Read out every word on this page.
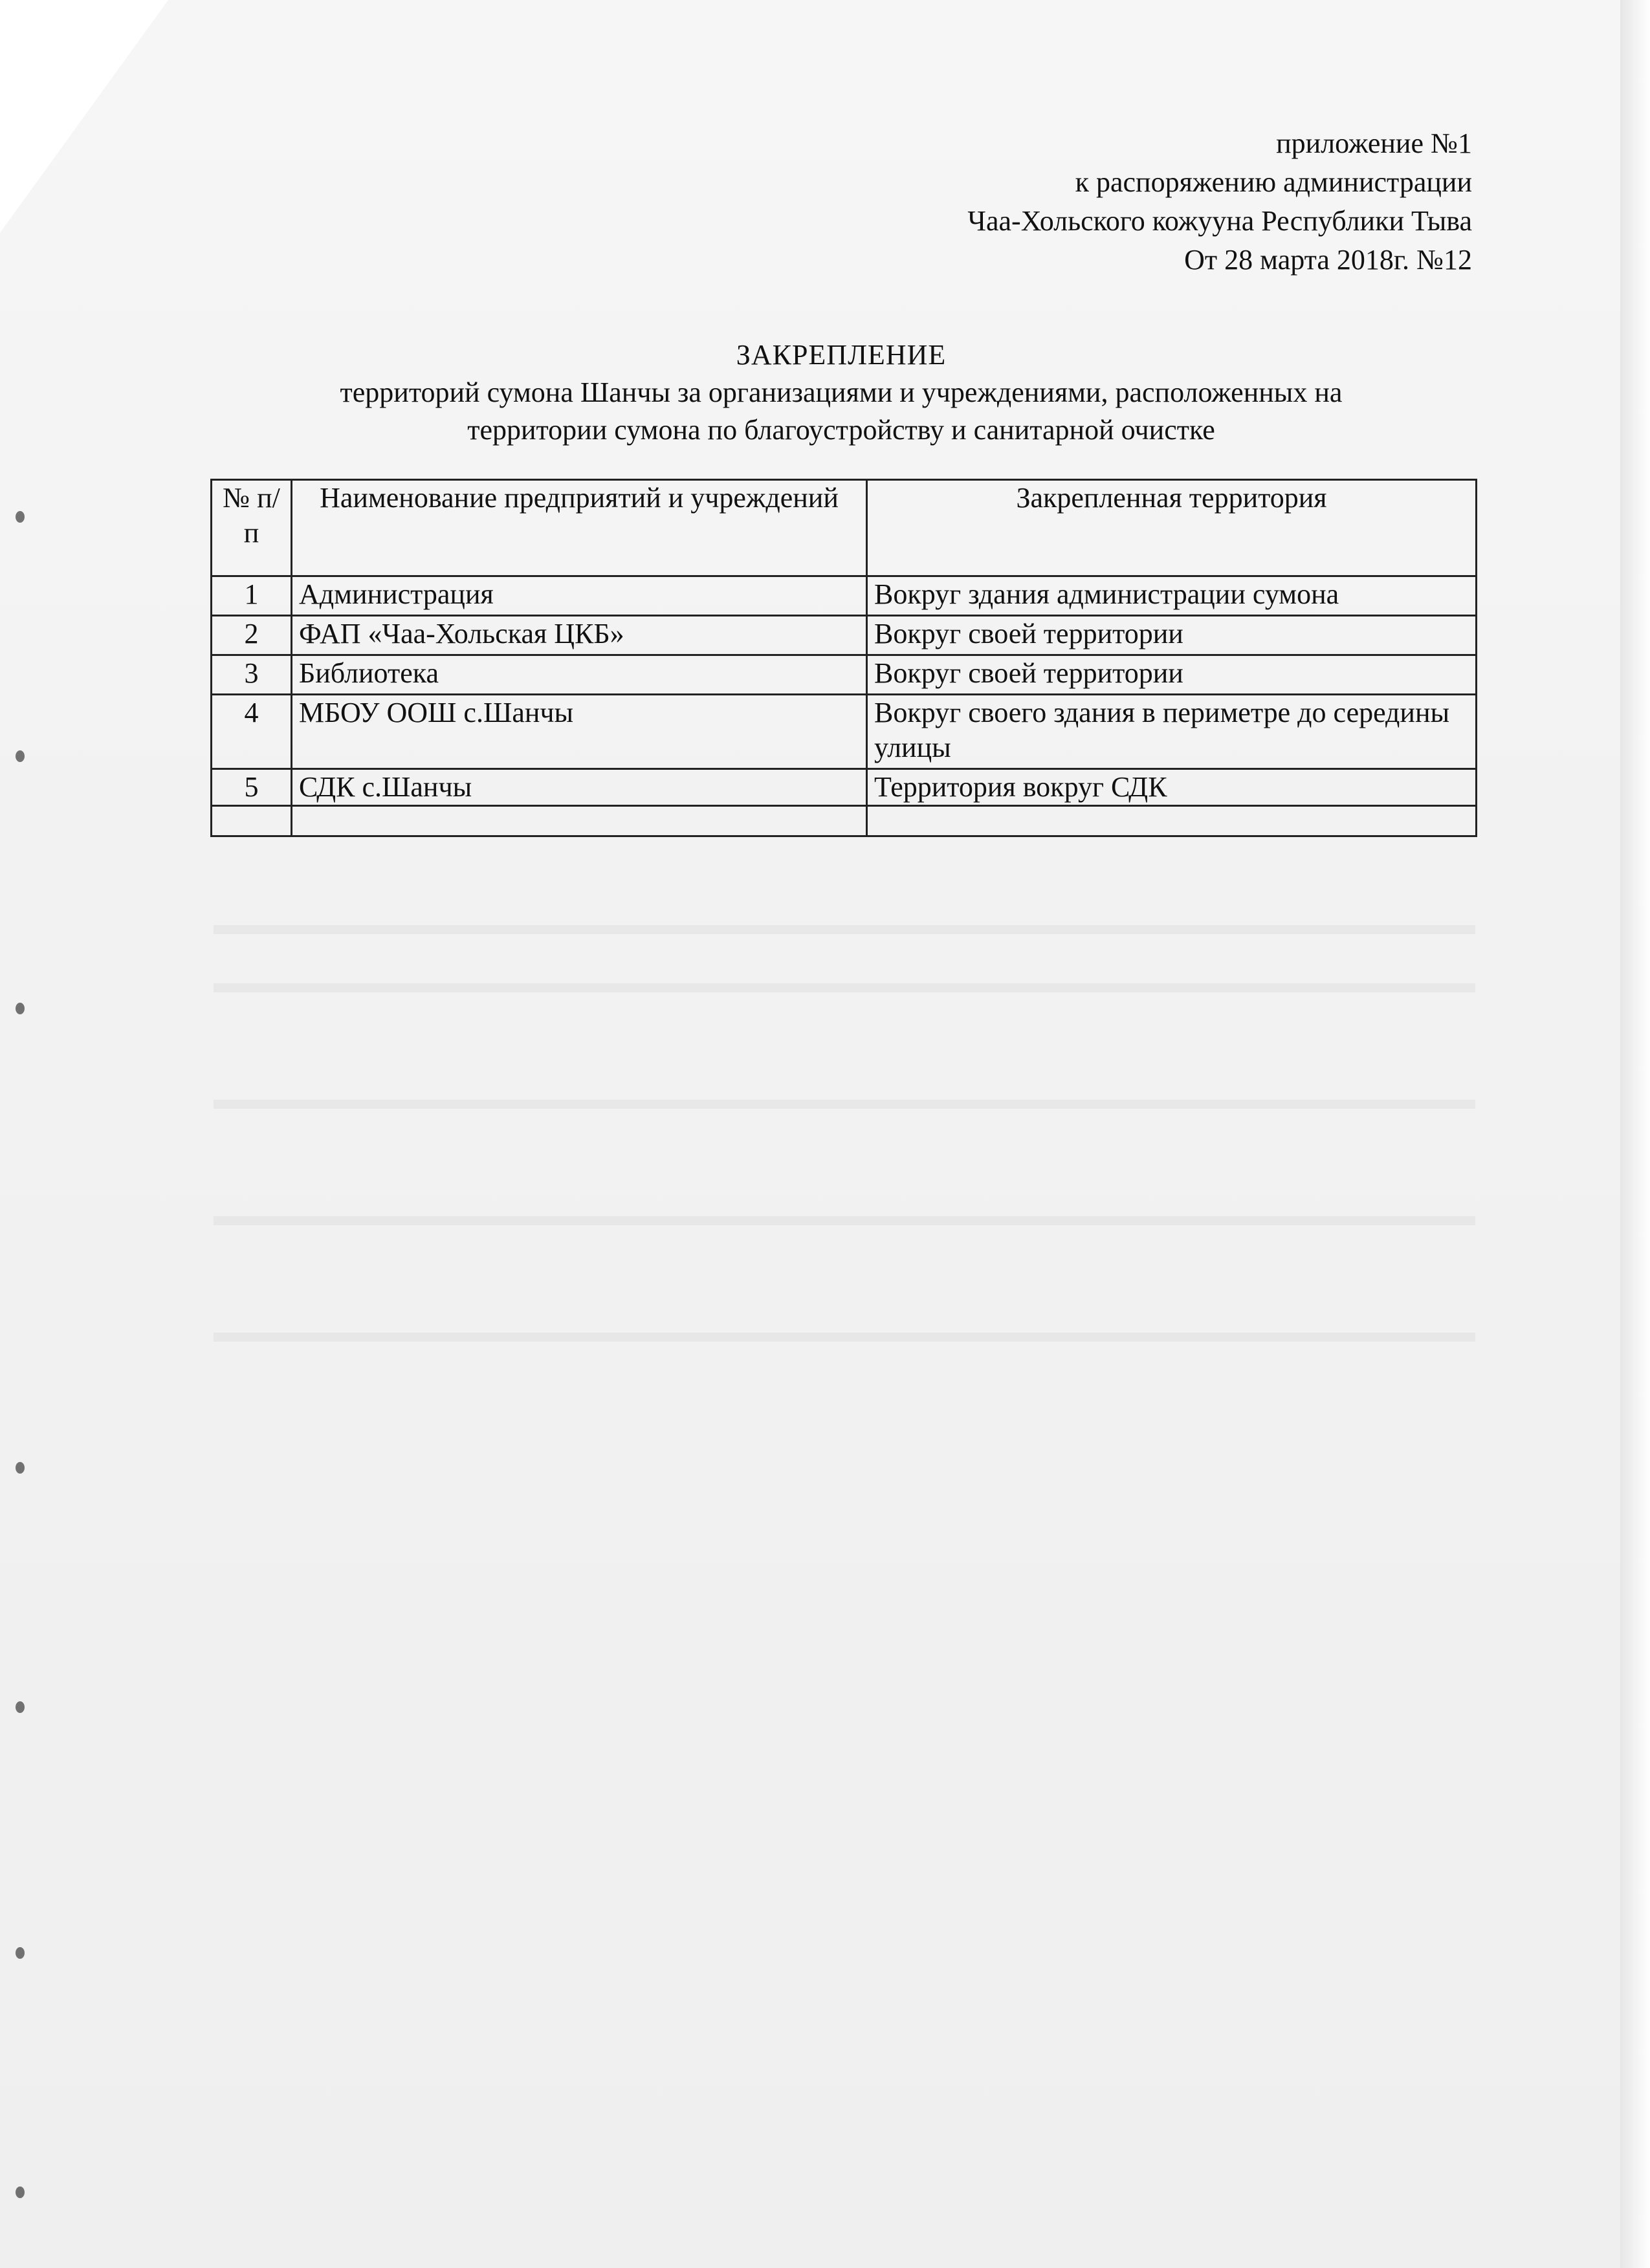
приложение №1
к распоряжению администрации
Чаа-Хольского кожууна Республики Тыва
От 28 марта 2018г. №12
ЗАКРЕПЛЕНИЕ
территорий сумона Шанчы за организациями и учреждениями, расположенных на
территории сумона по благоустройству и санитарной очистке
№ п/п	Наименование предприятий и учреждений	Закрепленная территория
1	Администрация	Вокруг здания администрации сумона
2	ФАП «Чаа-Хольская ЦКБ»	Вокруг своей территории
3	Библиотека	Вокруг своей территории
4	МБОУ ООШ с.Шанчы	Вокруг своего здания в периметре до середины улицы
5	СДК с.Шанчы	Территория вокруг СДК
